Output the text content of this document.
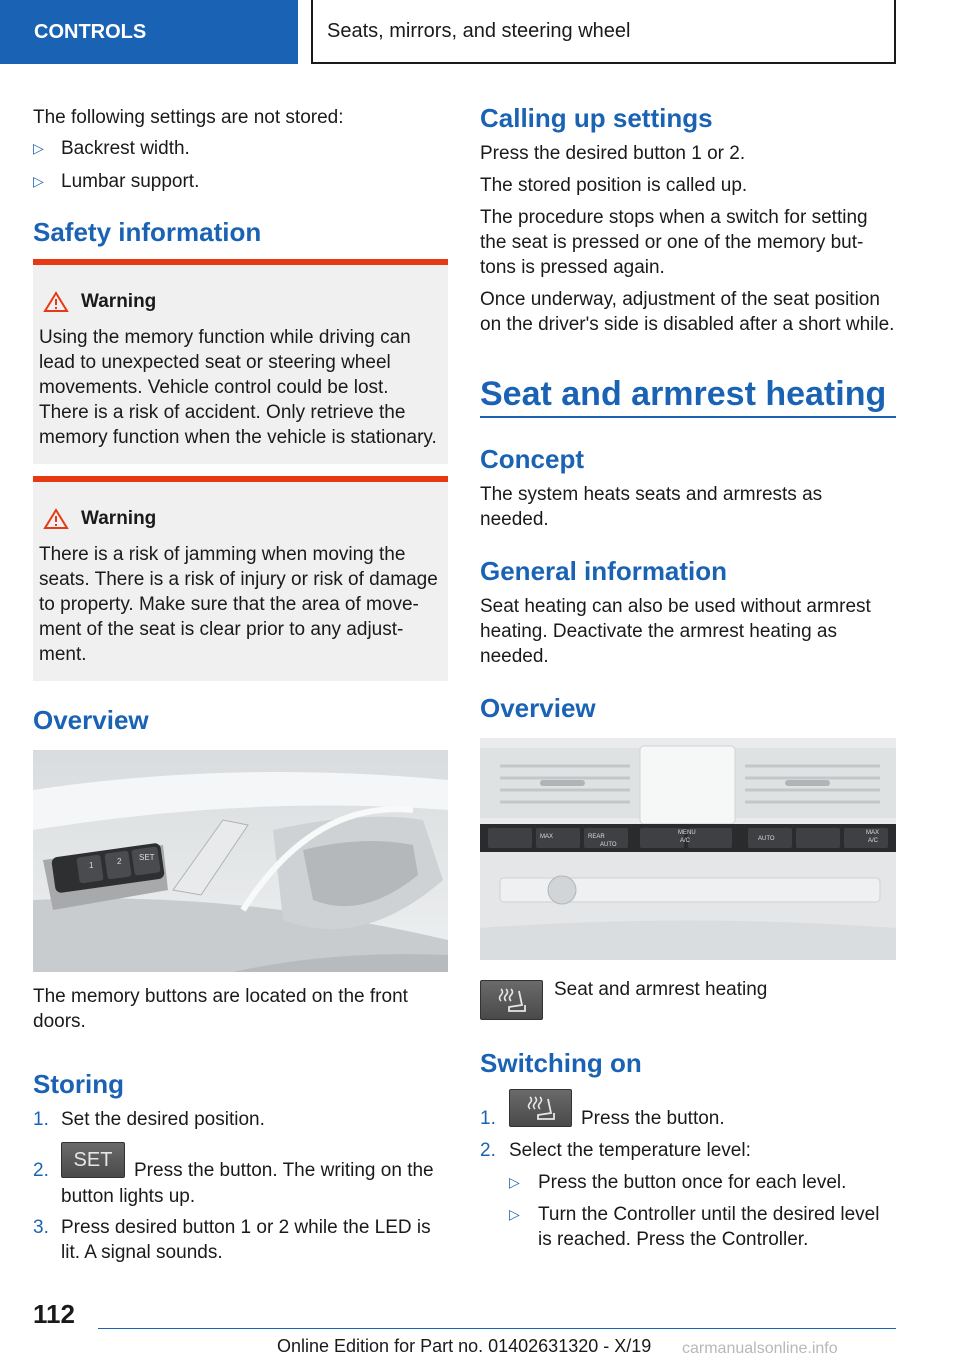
CONTROLS	Seats, mirrors, and steering wheel
The following settings are not stored:
▷ Backrest width.
▷ Lumbar support.
Safety information
Warning
Using the memory function while driving can
lead to unexpected seat or steering wheel
movements. Vehicle control could be lost.
There is a risk of accident. Only retrieve the
memory function when the vehicle is stationary.
Warning
There is a risk of jamming when moving the
seats. There is a risk of injury or risk of damage
to property. Make sure that the area of move-
ment of the seat is clear prior to any adjust-
ment.
Overview
1	2 SET
The memory buttons are located on the front
doors.
Storing
1. Set the desired position.
2.	SET	Press the button. The writing on the
button lights up.
3. Press desired button 1 or 2 while the LED is
lit. A signal sounds.
Calling up settings
Press the desired button 1 or 2.
The stored position is called up.
The procedure stops when a switch for setting
the seat is pressed or one of the memory but-
tons is pressed again.
Once underway, adjustment of the seat position
on the driver's side is disabled after a short while.
Seat and armrest heating
Concept
The system heats seats and armrests as
needed.
General information
Seat heating can also be used without armrest
heating. Deactivate the armrest heating as
needed.
Overview
MAX	REAR
AUTO
MENU
A/C	AUTO
MAX
A/C
Seat and armrest heating
Switching on
1.	Press the button.
2. Select the temperature level:
▷ Press the button once for each level.
▷ Turn the Controller until the desired level
is reached. Press the Controller.
112
Online Edition for Part no. 01402631320 - X/19 carmanualsonline.info
